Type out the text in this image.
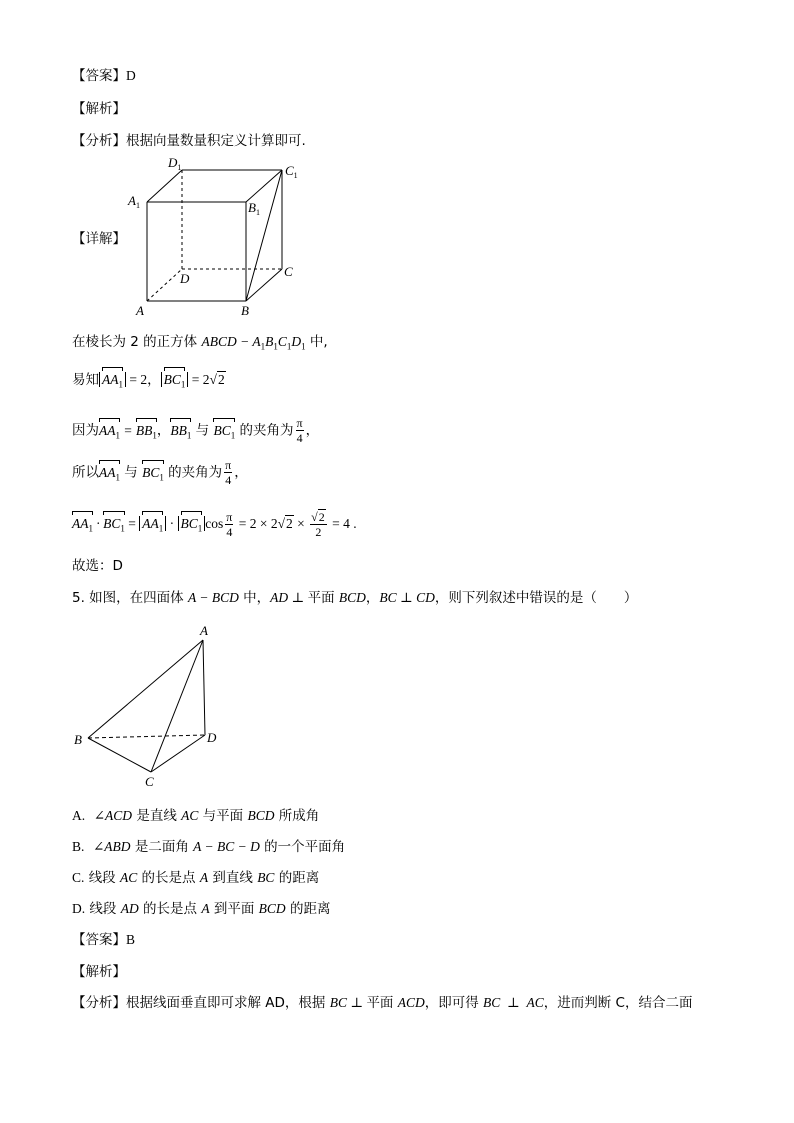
【答案】D
【解析】
【分析】根据向量数量积定义计算即可.
【详解】
$D_1$	$C_1$
$A_1$	$B_1$
D	C
A	B
在棱长为 2 的正方体 ABCD − $A_1B_1C_1D_1$ 中,
易知 $AA_1 = 2$， $BC_1 = 2√2$
因为$AA_1 = BB_1$，$BB_1$ 与 $BC_1$ 的夹角为 $\frac{\pi}{4}$ ，
所以$AA_1$ 与 $BC_1$ 的夹角为 $\frac{\pi}{4}$ ，
$AA_1 \cdot BC_1 = AA_1 \cdot BC_1$ $\cos \frac{\pi}{4} = 2 \times 2√2 \times \frac{√2}{2} = 4$ .
故选：D
5. 如图，在四面体 A − BCD 中，AD ⊥ 平面 BCD，BC ⊥ CD，则下列叙述中错误的是（　　）
A
B
C
D
A. ∠ACD 是直线 AC 与平面 BCD 所成角
B. ∠ABD 是二面角 A − BC − D 的一个平面角
C. 线段 AC 的长是点 A 到直线 BC 的距离
D. 线段 AD 的长是点 A 到平面 BCD 的距离
【答案】B
【解析】
【分析】根据线面垂直即可求解 AD，根据 BC ⊥ 平面 ACD，即可得 BC  ⊥  AC，进而判断 C，结合二面
